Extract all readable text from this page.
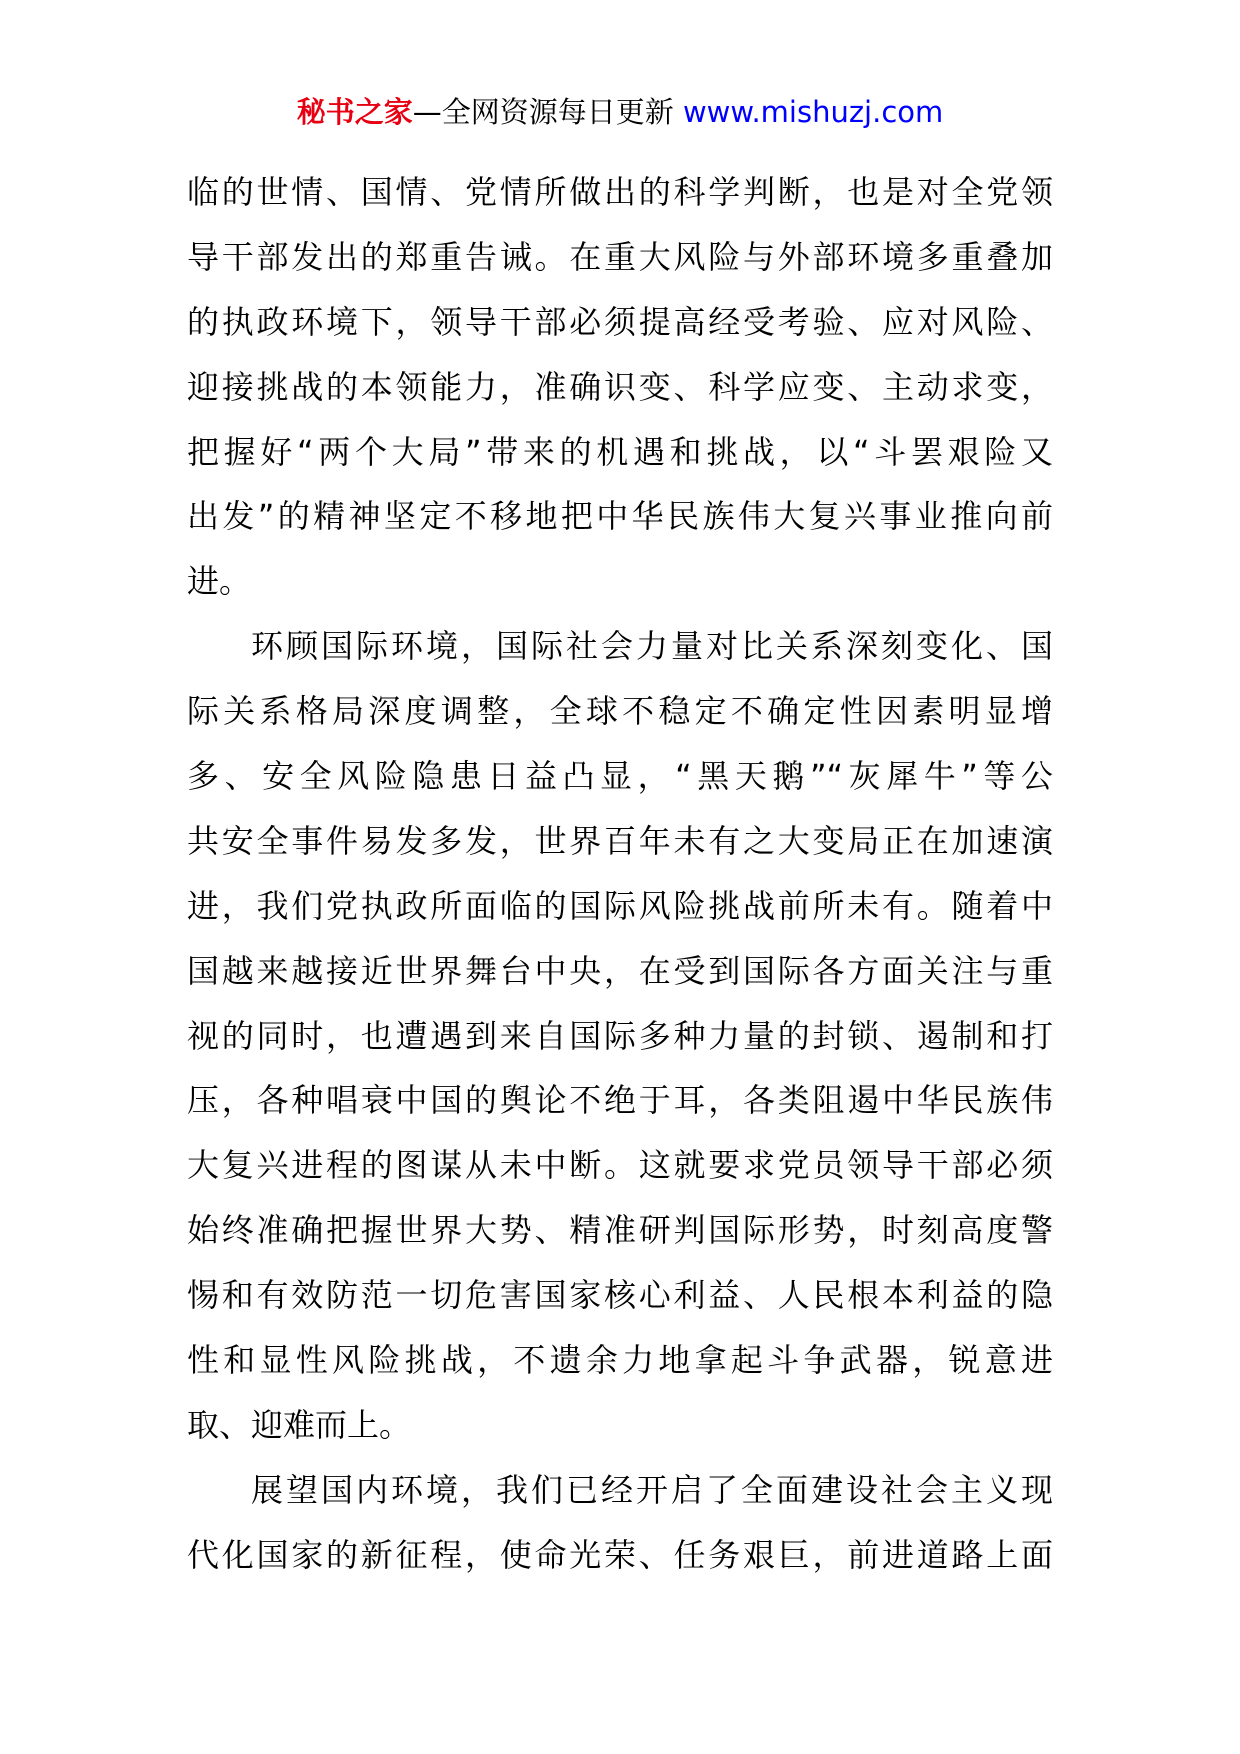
秘书之家—全网资源每日更新 www.mishuzj.com
临的世情、国情、党情所做出的科学判断，也是对全党领
导干部发出的郑重告诫。在重大风险与外部环境多重叠加
的执政环境下，领导干部必须提高经受考验、应对风险、
迎接挑战的本领能力，准确识变、科学应变、主动求变，
把握好“两个大局”带来的机遇和挑战，以“斗罢艰险又
出发”的精神坚定不移地把中华民族伟大复兴事业推向前
进。
环顾国际环境，国际社会力量对比关系深刻变化、国
际关系格局深度调整，全球不稳定不确定性因素明显增
多、安全风险隐患日益凸显，“黑天鹅”“灰犀牛”等公
共安全事件易发多发，世界百年未有之大变局正在加速演
进，我们党执政所面临的国际风险挑战前所未有。随着中
国越来越接近世界舞台中央，在受到国际各方面关注与重
视的同时，也遭遇到来自国际多种力量的封锁、遏制和打
压，各种唱衰中国的舆论不绝于耳，各类阻遏中华民族伟
大复兴进程的图谋从未中断。这就要求党员领导干部必须
始终准确把握世界大势、精准研判国际形势，时刻高度警
惕和有效防范一切危害国家核心利益、人民根本利益的隐
性和显性风险挑战，不遗余力地拿起斗争武器，锐意进
取、迎难而上。
展望国内环境，我们已经开启了全面建设社会主义现
代化国家的新征程，使命光荣、任务艰巨，前进道路上面
